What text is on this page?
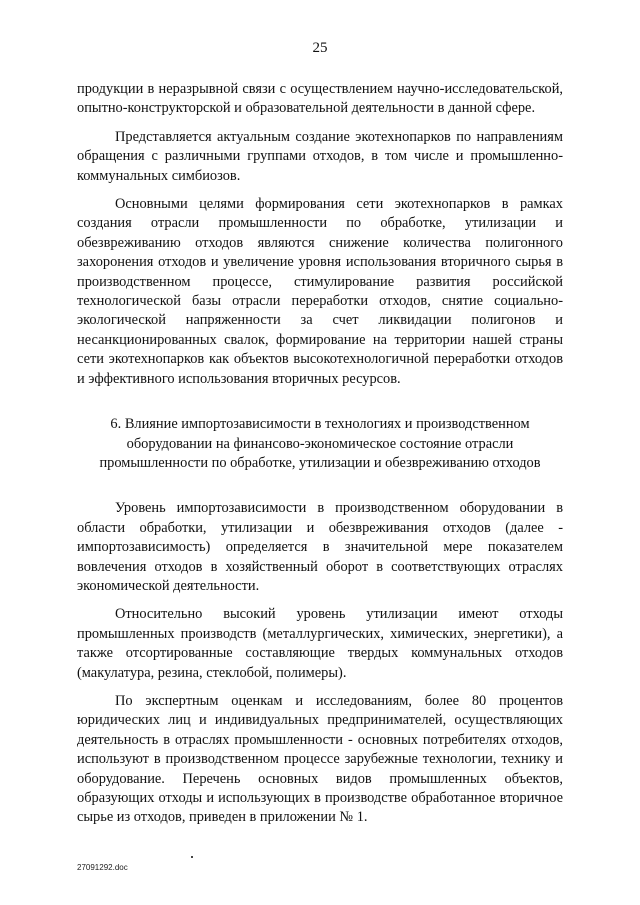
25

продукции в неразрывной связи с осуществлением научно-исследовательской, опытно-конструкторской и образовательной деятельности в данной сфере.

Представляется актуальным создание экотехнопарков по направлениям обращения с различными группами отходов, в том числе и промышленно-коммунальных симбиозов.

Основными целями формирования сети экотехнопарков в рамках создания отрасли промышленности по обработке, утилизации и обезвреживанию отходов являются снижение количества полигонного захоронения отходов и увеличение уровня использования вторичного сырья в производственном процессе, стимулирование развития российской технологической базы отрасли переработки отходов, снятие социально-экологической напряженности за счет ликвидации полигонов и несанкционированных свалок, формирование на территории нашей страны сети экотехнопарков как объектов высокотехнологичной переработки отходов и эффективного использования вторичных ресурсов.

6. Влияние импортозависимости в технологиях и производственном оборудовании на финансово-экономическое состояние отрасли промышленности по обработке, утилизации и обезвреживанию отходов

Уровень импортозависимости в производственном оборудовании в области обработки, утилизации и обезвреживания отходов (далее - импортозависимость) определяется в значительной мере показателем вовлечения отходов в хозяйственный оборот в соответствующих отраслях экономической деятельности.

Относительно высокий уровень утилизации имеют отходы промышленных производств (металлургических, химических, энергетики), а также отсортированные составляющие твердых коммунальных отходов (макулатура, резина, стеклобой, полимеры).

По экспертным оценкам и исследованиям, более 80 процентов юридических лиц и индивидуальных предпринимателей, осуществляющих деятельность в отраслях промышленности - основных потребителях отходов, используют в производственном процессе зарубежные технологии, технику и оборудование. Перечень основных видов промышленных объектов, образующих отходы и использующих в производстве обработанное вторичное сырье из отходов, приведен в приложении № 1.

27091292.doc
